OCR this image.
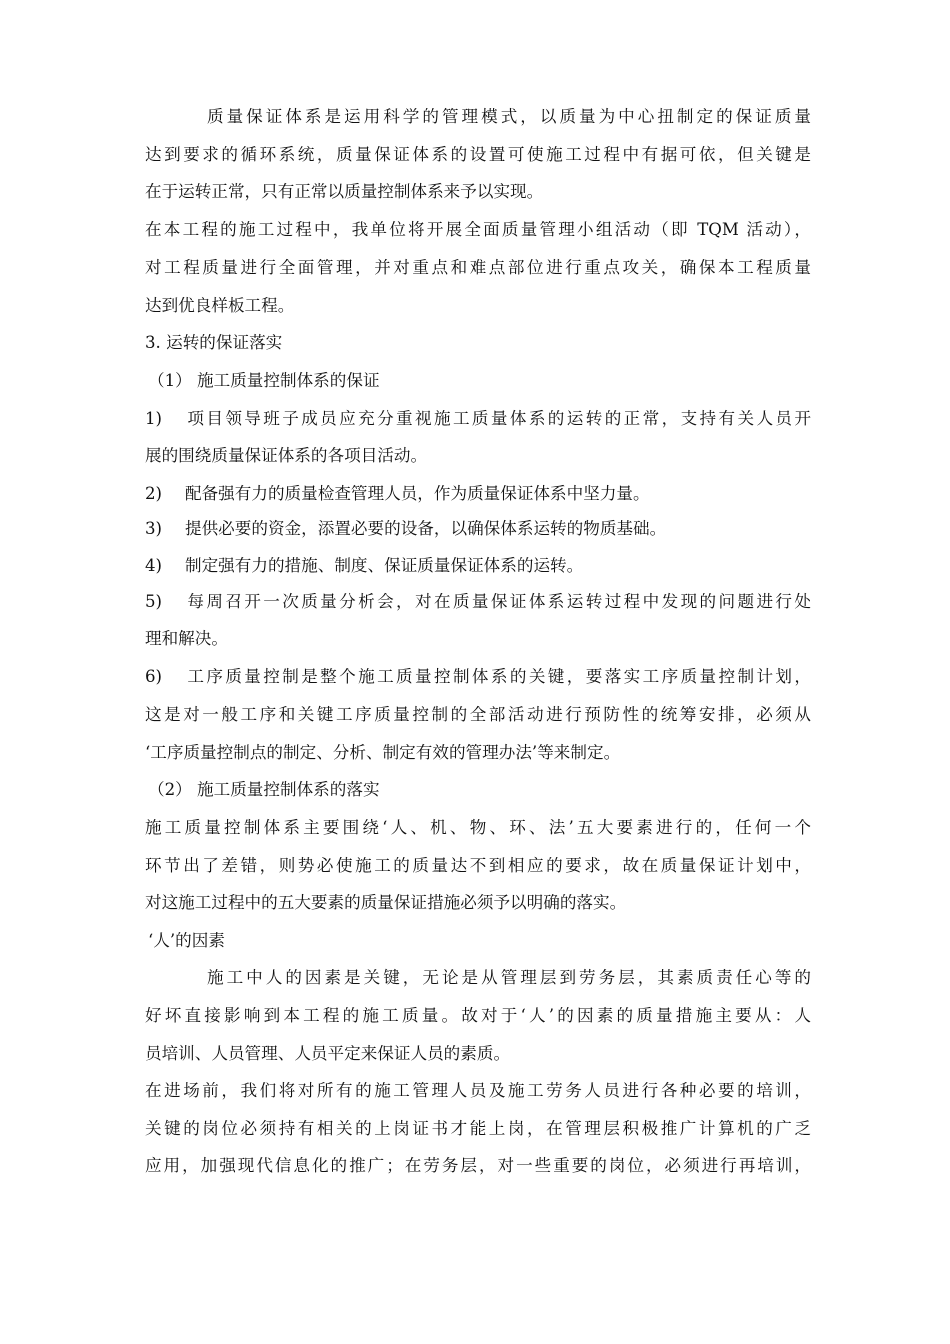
质量保证体系是运用科学的管理模式，以质量为中心扭制定的保证质量
达到要求的循环系统，质量保证体系的设置可使施工过程中有据可依，但关键是
在于运转正常，只有正常以质量控制体系来予以实现。
在本工程的施工过程中，我单位将开展全面质量管理小组活动（即 TQM 活动），
对工程质量进行全面管理，并对重点和难点部位进行重点攻关，确保本工程质量
达到优良样板工程。
3. 运转的保证落实
（1） 施工质量控制体系的保证
1) 项目领导班子成员应充分重视施工质量体系的运转的正常，支持有关人员开
展的围绕质量保证体系的各项目活动。
2) 配备强有力的质量检查管理人员，作为质量保证体系中坚力量。
3) 提供必要的资金，添置必要的设备，以确保体系运转的物质基础。
4) 制定强有力的措施、制度、保证质量保证体系的运转。
5) 每周召开一次质量分析会，对在质量保证体系运转过程中发现的问题进行处
理和解决。
6) 工序质量控制是整个施工质量控制体系的关键，要落实工序质量控制计划，
这是对一般工序和关键工序质量控制的全部活动进行预防性的统筹安排，必须从
‘工序质量控制点的制定、分析、制定有效的管理办法’等来制定。
（2） 施工质量控制体系的落实
施工质量控制体系主要围绕‘人、机、物、环、法’五大要素进行的，任何一个
环节出了差错，则势必使施工的质量达不到相应的要求，故在质量保证计划中，
对这施工过程中的五大要素的质量保证措施必须予以明确的落实。
‘人’的因素
施工中人的因素是关键，无论是从管理层到劳务层，其素质责任心等的
好坏直接影响到本工程的施工质量。故对于‘人’的因素的质量措施主要从：人
员培训、人员管理、人员平定来保证人员的素质。
在进场前，我们将对所有的施工管理人员及施工劳务人员进行各种必要的培训，
关键的岗位必须持有相关的上岗证书才能上岗，在管理层积极推广计算机的广乏
应用，加强现代信息化的推广；在劳务层，对一些重要的岗位，必须进行再培训，
